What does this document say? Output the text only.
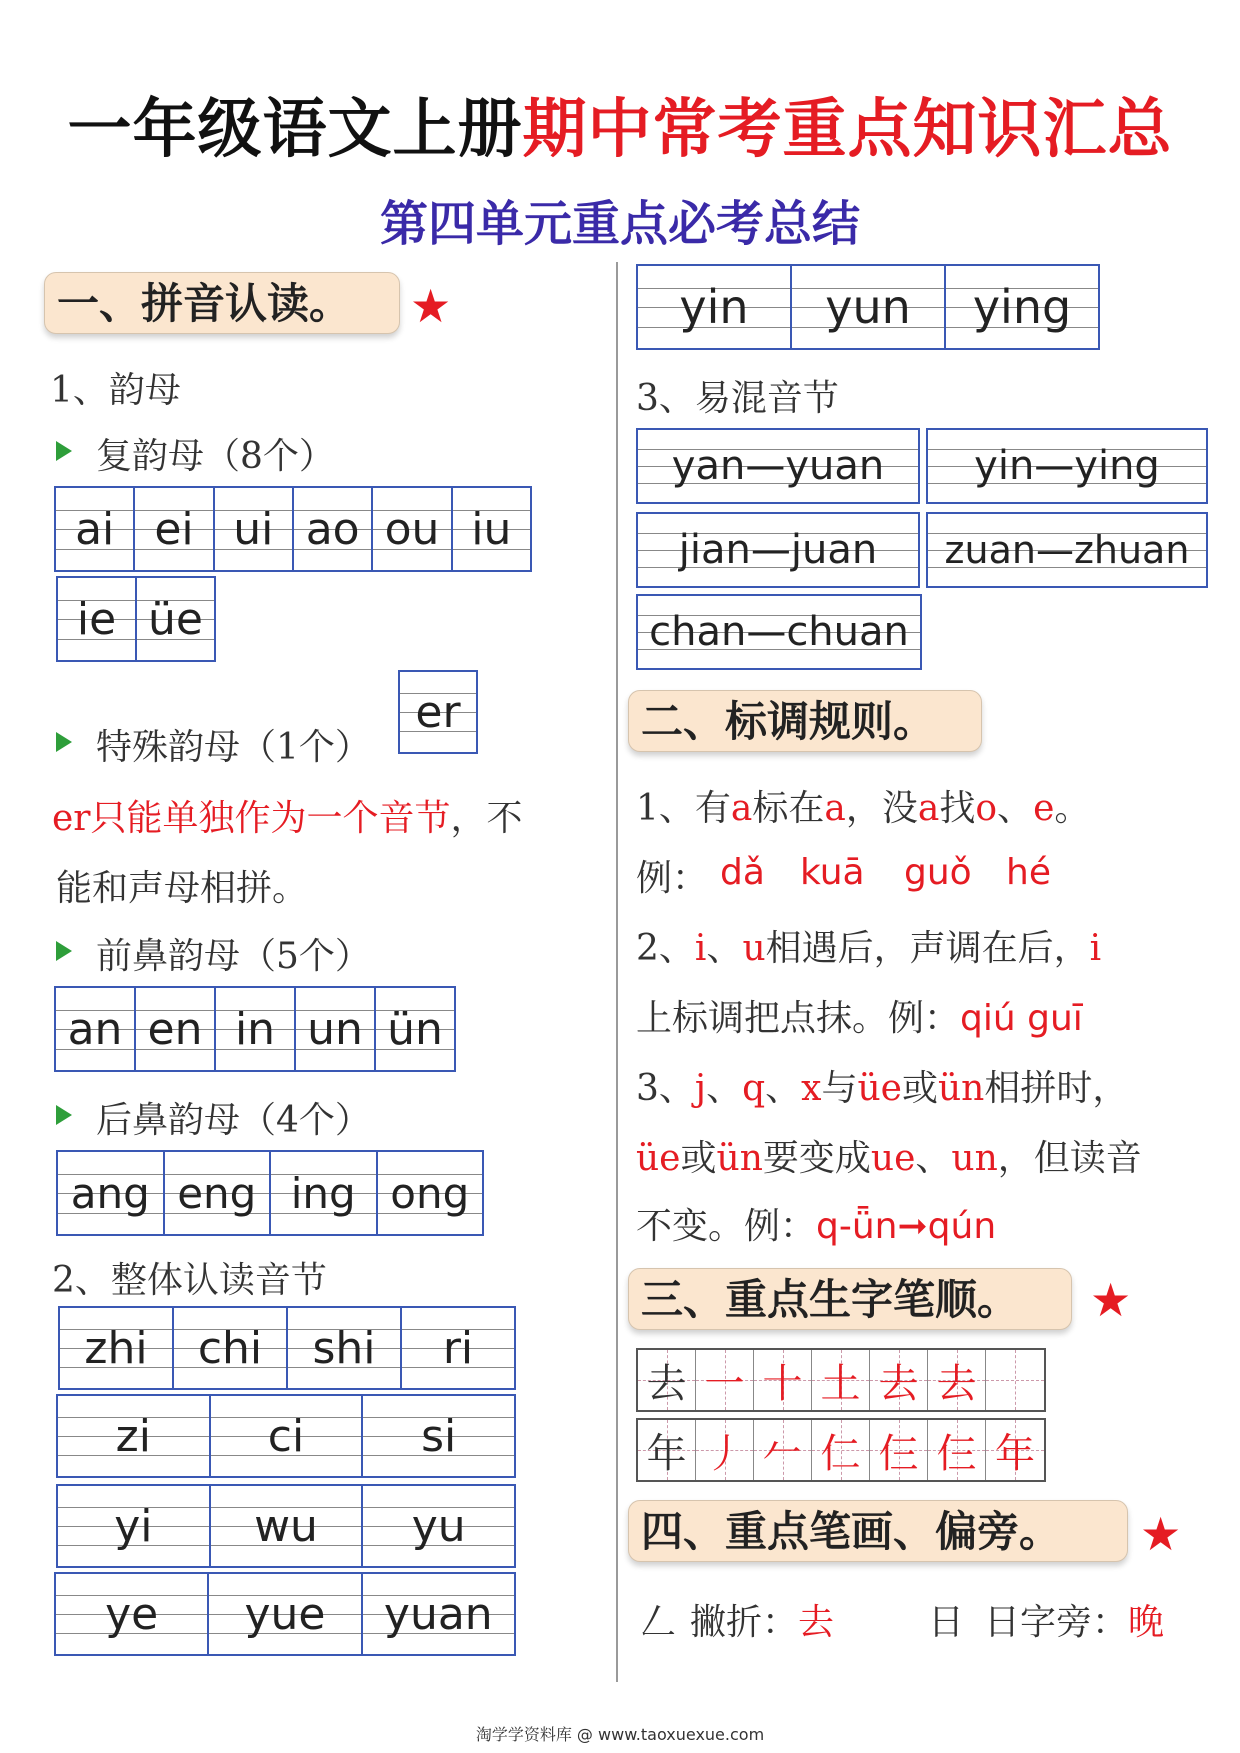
一年级语文上册期中常考重点知识汇总
第四单元重点必考总结
一、拼音认读。	★
1、韵母
复韵母（8个）
ai ei ui ao ou iu
ie üe
特殊韵母（1个）
er
er只能单独作为一个音节，不
能和声母相拼。
前鼻韵母（5个）
an en in un ün
后鼻韵母（4个）
ang eng ing ong
2、整体认读音节
zhi	chi	shi	ri
zi	ci	si
yi	wu	yu
ye	yue	yuan
yin	yun	ying
3、易混音节
yan—yuan	yin—ying
jian—juan	zuan—zhuan
chan—chuan
二、标调规则。
1、有a标在a，没a找o、e。
例： dǎ kuā guǒ hé
2、i、u相遇后，声调在后，i
上标调把点抹。例：qiú guī
3、j、q、x与üe或ün相拼时，
üe或ün要变成ue、un，但读音
不变。例：q-ǖn➞qún
三、重点生字笔顺。	★
去 一 十 土 去 去
年 丿 𠂉 仁 仨 仨 年
四、重点笔画、偏旁。	★
𠃋 撇折：去	日 日字旁：晚
淘学学资料库 @ www.taoxuexue.com
